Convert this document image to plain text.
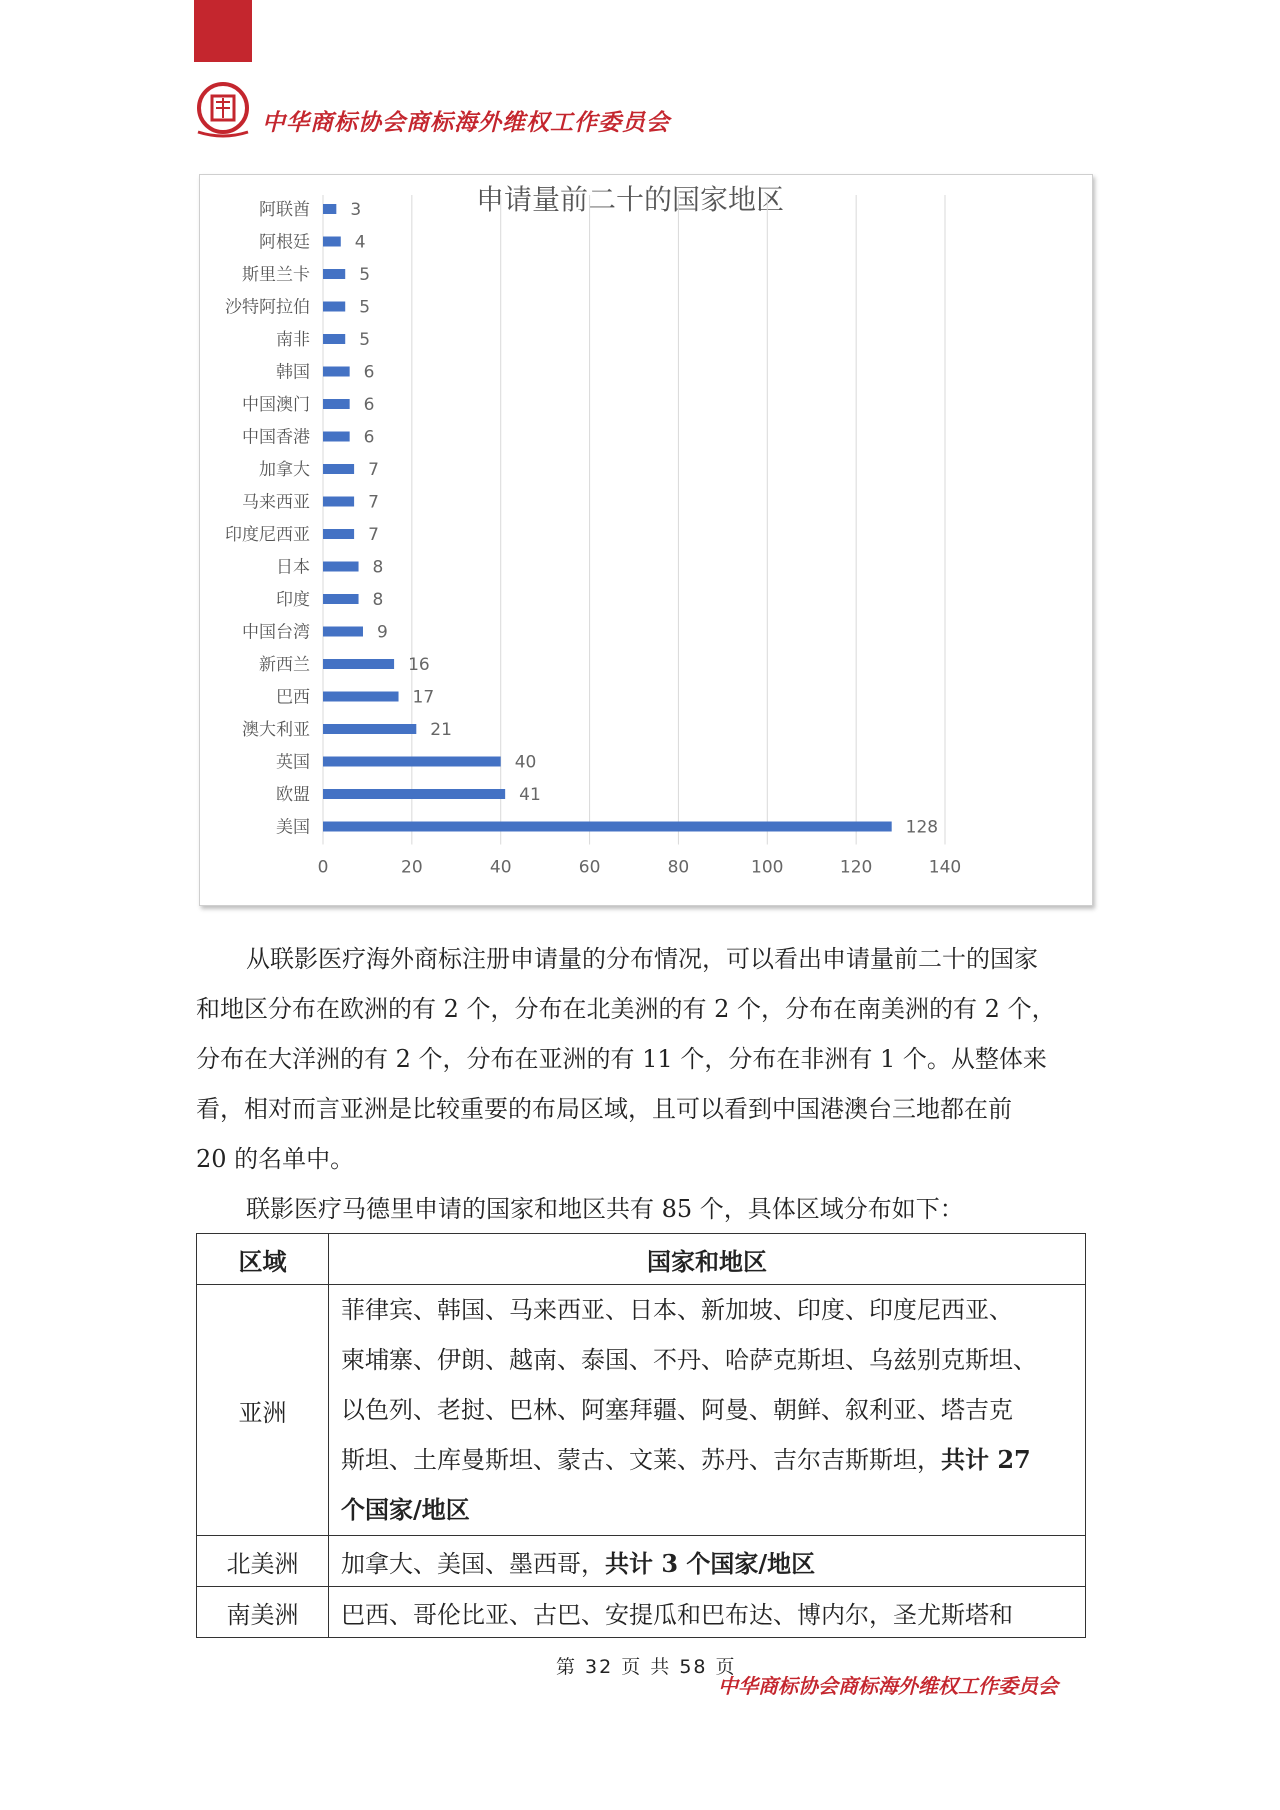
中华商标协会商标海外维权工作委员会
申请量前二十的国家地区
阿联酋 3
阿根廷	4
斯里兰卡	5
沙特阿拉伯	5
南非	5
韩国	6
中国澳门	6
中国香港	6
加拿大	7
马来西亚	7
印度尼西亚	7
日本	8
印度	8
中国台湾	9
新西兰	16
巴西	17
澳大利亚	21
英国	40
欧盟	41
美国	128
0	20	40	60	80	100	120	140
从联影医疗海外商标注册申请量的分布情况，可以看出申请量前二十的国家
和地区分布在欧洲的有 2 个，分布在北美洲的有 2 个，分布在南美洲的有 2 个，
分布在大洋洲的有 2 个，分布在亚洲的有 11 个，分布在非洲有 1 个。从整体来
看，相对而言亚洲是比较重要的布局区域，且可以看到中国港澳台三地都在前
20 的名单中。
联影医疗马德里申请的国家和地区共有 85 个，具体区域分布如下：
区域	国家和地区
亚洲	菲律宾、韩国、马来西亚、日本、新加坡、印度、印度尼西亚、
柬埔寨、伊朗、越南、泰国、不丹、哈萨克斯坦、乌兹别克斯坦、
以色列、老挝、巴林、阿塞拜疆、阿曼、朝鲜、叙利亚、塔吉克
斯坦、土库曼斯坦、蒙古、文莱、苏丹、吉尔吉斯斯坦，共计 27
个国家/地区

北美洲	加拿大、美国、墨西哥，共计 3 个国家/地区
南美洲	巴西、哥伦比亚、古巴、安提瓜和巴布达、博内尔，圣尤斯塔和
第 32 页 共 58 页
中华商标协会商标海外维权工作委员会
